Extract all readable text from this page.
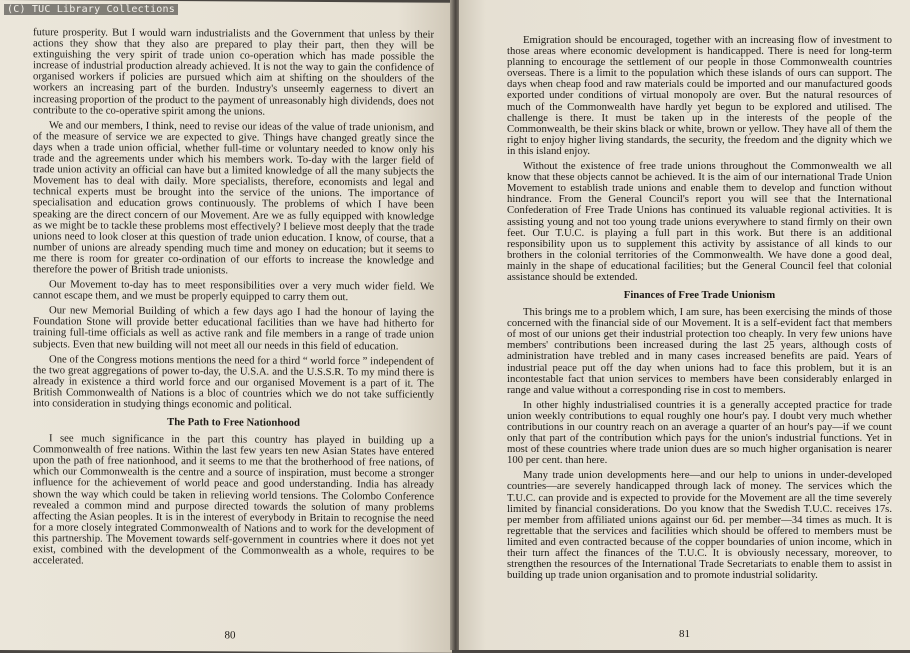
(C) TUC Library Collections

future prosperity. But I would warn industrialists and the Government that unless by their actions they show that they also are prepared to play their part, then they will be extinguishing the very spirit of trade union co-operation which has made possible the increase of industrial production already achieved. It is not the way to gain the confidence of organised workers if policies are pursued which aim at shifting on the shoulders of the workers an increasing part of the burden. Industry's unseemly eagerness to divert an increasing proportion of the product to the payment of unreasonably high dividends, does not contribute to the co-operative spirit among the unions.

We and our members, I think, need to revise our ideas of the value of trade unionism, and of the measure of service we are expected to give. Things have changed greatly since the days when a trade union official, whether full-time or voluntary needed to know only his trade and the agreements under which his members work. To-day with the larger field of trade union activity an official can have but a limited knowledge of all the many subjects the Movement has to deal with daily. More specialists, therefore, economists and legal and technical experts must be brought into the service of the unions. The importance of specialisation and education grows continuously. The problems of which I have been speaking are the direct concern of our Movement. Are we as fully equipped with knowledge as we might be to tackle these problems most effectively? I believe most deeply that the trade unions need to look closer at this question of trade union education. I know, of course, that a number of unions are already spending much time and money on education; but it seems to me there is room for greater co-ordination of our efforts to increase the knowledge and therefore the power of British trade unionists.

Our Movement to-day has to meet responsibilities over a very much wider field. We cannot escape them, and we must be properly equipped to carry them out.

Our new Memorial Building of which a few days ago I had the honour of laying the Foundation Stone will provide better educational facilities than we have had hitherto for training full-time officials as well as active rank and file members in a range of trade union subjects. Even that new building will not meet all our needs in this field of education.

One of the Congress motions mentions the need for a third “ world force ” independent of the two great aggregations of power to-day, the U.S.A. and the U.S.S.R. To my mind there is already in existence a third world force and our organised Movement is a part of it. The British Commonwealth of Nations is a bloc of countries which we do not take sufficiently into consideration in studying things economic and political.

The Path to Free Nationhood

I see much significance in the part this country has played in building up a Commonwealth of free nations. Within the last few years ten new Asian States have entered upon the path of free nationhood, and it seems to me that the brotherhood of free nations, of which our Commonwealth is the centre and a source of inspiration, must become a stronger influence for the achievement of world peace and good understanding. India has already shown the way which could be taken in relieving world tensions. The Colombo Conference revealed a common mind and purpose directed towards the solution of many problems affecting the Asian peoples. It is in the interest of everybody in Britain to recognise the need for a more closely integrated Commonwealth of Nations and to work for the development of this partnership. The Movement towards self-government in countries where it does not yet exist, combined with the development of the Commonwealth as a whole, requires to be accelerated.

80

Emigration should be encouraged, together with an increasing flow of investment to those areas where economic development is handicapped. There is need for long-term planning to encourage the settlement of our people in those Commonwealth countries overseas. There is a limit to the population which these islands of ours can support. The days when cheap food and raw materials could be imported and our manufactured goods exported under conditions of virtual monopoly are over. But the natural resources of much of the Commonwealth have hardly yet begun to be explored and utilised. The challenge is there. It must be taken up in the interests of the people of the Commonwealth, be their skins black or white, brown or yellow. They have all of them the right to enjoy higher living standards, the security, the freedom and the dignity which we in this island enjoy.

Without the existence of free trade unions throughout the Commonwealth we all know that these objects cannot be achieved. It is the aim of our international Trade Union Movement to establish trade unions and enable them to develop and function without hindrance. From the General Council's report you will see that the International Confederation of Free Trade Unions has continued its valuable regional activities. It is assisting young and not too young trade unions everywhere to stand firmly on their own feet. Our T.U.C. is playing a full part in this work. But there is an additional responsibility upon us to supplement this activity by assistance of all kinds to our brothers in the colonial territories of the Commonwealth. We have done a good deal, mainly in the shape of educational facilities; but the General Council feel that colonial assistance should be extended.

Finances of Free Trade Unionism

This brings me to a problem which, I am sure, has been exercising the minds of those concerned with the financial side of our Movement. It is a self-evident fact that members of most of our unions get their industrial protection too cheaply. In very few unions have members' contributions been increased during the last 25 years, although costs of administration have trebled and in many cases increased benefits are paid. Years of industrial peace put off the day when unions had to face this problem, but it is an incontestable fact that union services to members have been considerably enlarged in range and value without a corresponding rise in cost to members.

In other highly industrialised countries it is a generally accepted practice for trade union weekly contributions to equal roughly one hour's pay. I doubt very much whether contributions in our country reach on an average a quarter of an hour's pay—if we count only that part of the contribution which pays for the union's industrial functions. Yet in most of these countries where trade union dues are so much higher organisation is nearer 100 per cent. than here.

Many trade union developments here—and our help to unions in under-developed countries—are severely handicapped through lack of money. The services which the T.U.C. can provide and is expected to provide for the Movement are all the time severely limited by financial considerations. Do you know that the Swedish T.U.C. receives 17s. per member from affiliated unions against our 6d. per member—34 times as much. It is regrettable that the services and facilities which should be offered to members must be limited and even contracted because of the copper boundaries of union income, which in their turn affect the finances of the T.U.C. It is obviously necessary, moreover, to strengthen the resources of the International Trade Secretariats to enable them to assist in building up trade union organisation and to promote industrial solidarity.

81
